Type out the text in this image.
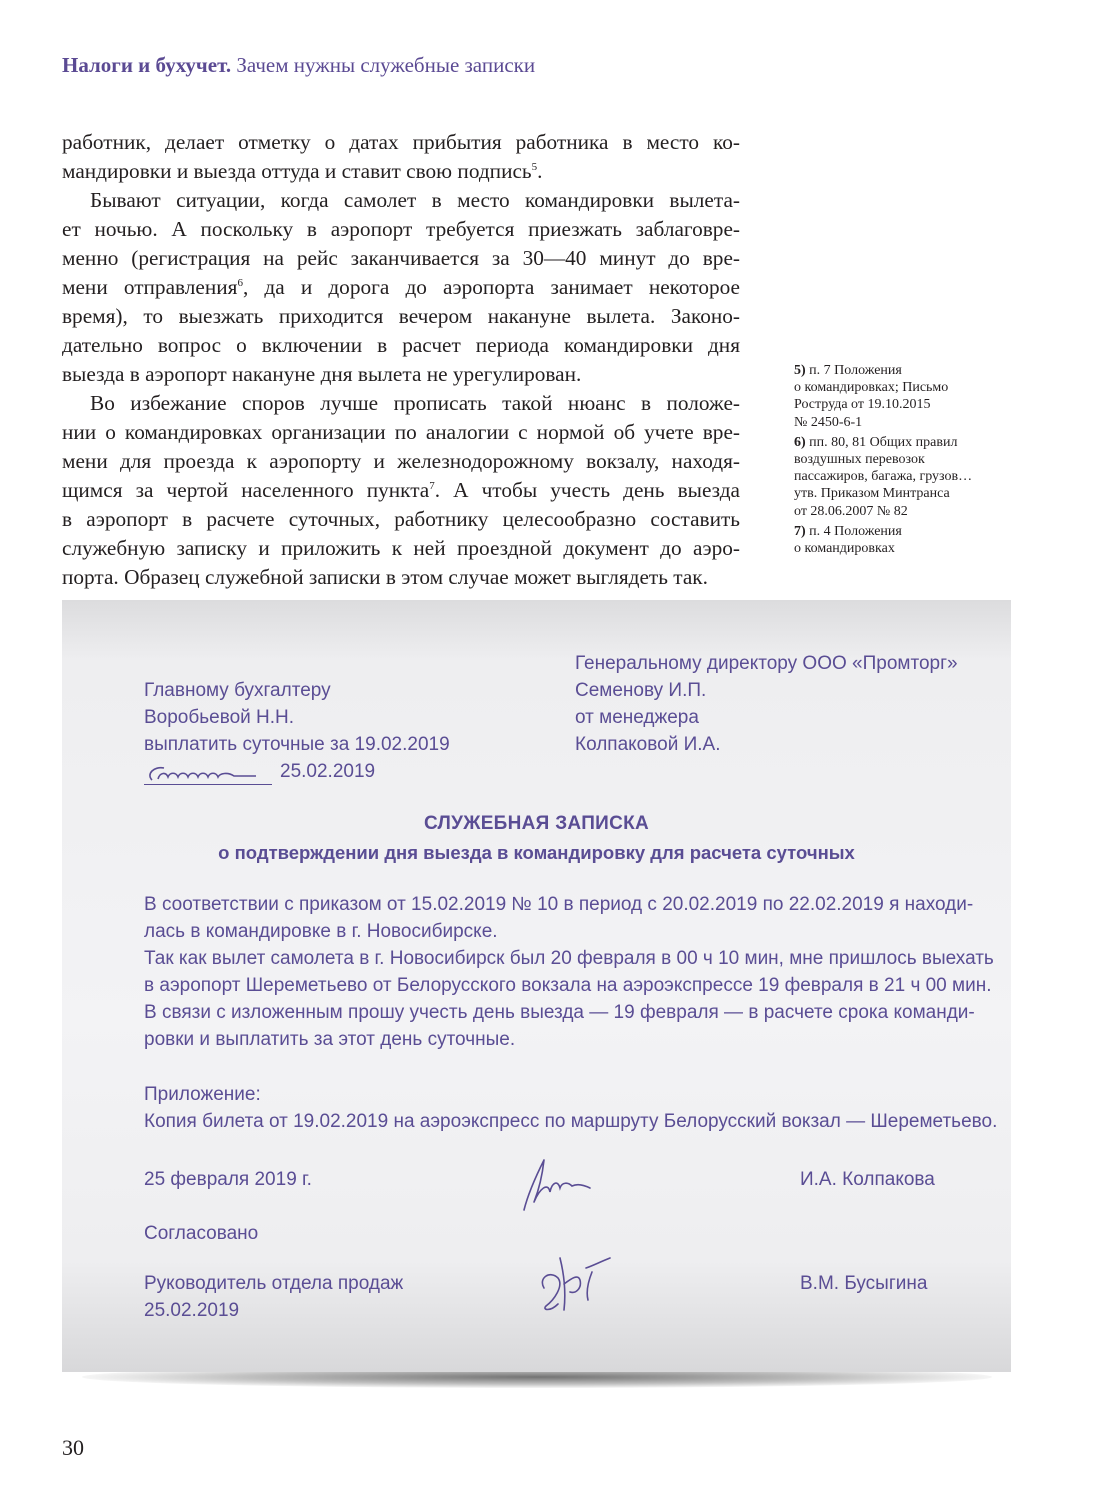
Налоги и бухучет. Зачем нужны служебные записки

работник, делает отметку о датах прибытия работника в место ко-
мандировки и выезда оттуда и ставит свою подпись$^5$.

Бывают ситуации, когда самолет в место командировки вылета-
ет ночью. А поскольку в аэропорт требуется приезжать заблаговре-
менно (регистрация на рейс заканчивается за 30—40 минут до вре-
мени отправления$^6$, да и дорога до аэропорта занимает некоторое
время), то выезжать приходится вечером накануне вылета. Законо-
дательно вопрос о включении в расчет периода командировки дня
выезда в аэропорт накануне дня вылета не урегулирован.

Во избежание споров лучше прописать такой нюанс в положе-
нии о командировках организации по аналогии с нормой об учете вре-
мени для проезда к аэропорту и железнодорожному вокзалу, находя-
щимся за чертой населенного пункта$^7$. А чтобы учесть день выезда
в аэропорт в расчете суточных, работнику целесообразно составить
служебную записку и приложить к ней проездной документ до аэро-
порта. Образец служебной записки в этом случае может выглядеть так.

5) п. 7 Положения
о командировках; Письмо
Роструда от 19.10.2015
№ 2450-6-1
6) пп. 80, 81 Общих правил
воздушных перевозок
пассажиров, багажа, грузов…
утв. Приказом Минтранса
от 28.06.2007 № 82
7) п. 4 Положения
о командировках
Генеральному директору ООО «Промторг»
Семенову И.П.
от менеджера
Колпаковой И.А.
Главному бухгалтеру
Воробьевой Н.Н.
выплатить суточные за 19.02.2019
25.02.2019
СЛУЖЕБНАЯ ЗАПИСКА
о подтверждении дня выезда в командировку для расчета суточных
В соответствии с приказом от 15.02.2019 № 10 в период с 20.02.2019 по 22.02.2019 я находи-
лась в командировке в г. Новосибирске.
Так как вылет самолета в г. Новосибирск был 20 февраля в 00 ч 10 мин, мне пришлось выехать
в аэропорт Шереметьево от Белорусского вокзала на аэроэкспрессе 19 февраля в 21 ч 00 мин.
В связи с изложенным прошу учесть день выезда — 19 февраля — в расчете срока команди-
ровки и выплатить за этот день суточные.
Приложение:
Копия билета от 19.02.2019 на аэроэкспресс по маршруту Белорусский вокзал — Шереметьево.
25 февраля 2019 г.	И.А. Колпакова
Согласовано
Руководитель отдела продаж
25.02.2019
В.М. Бусыгина
30
